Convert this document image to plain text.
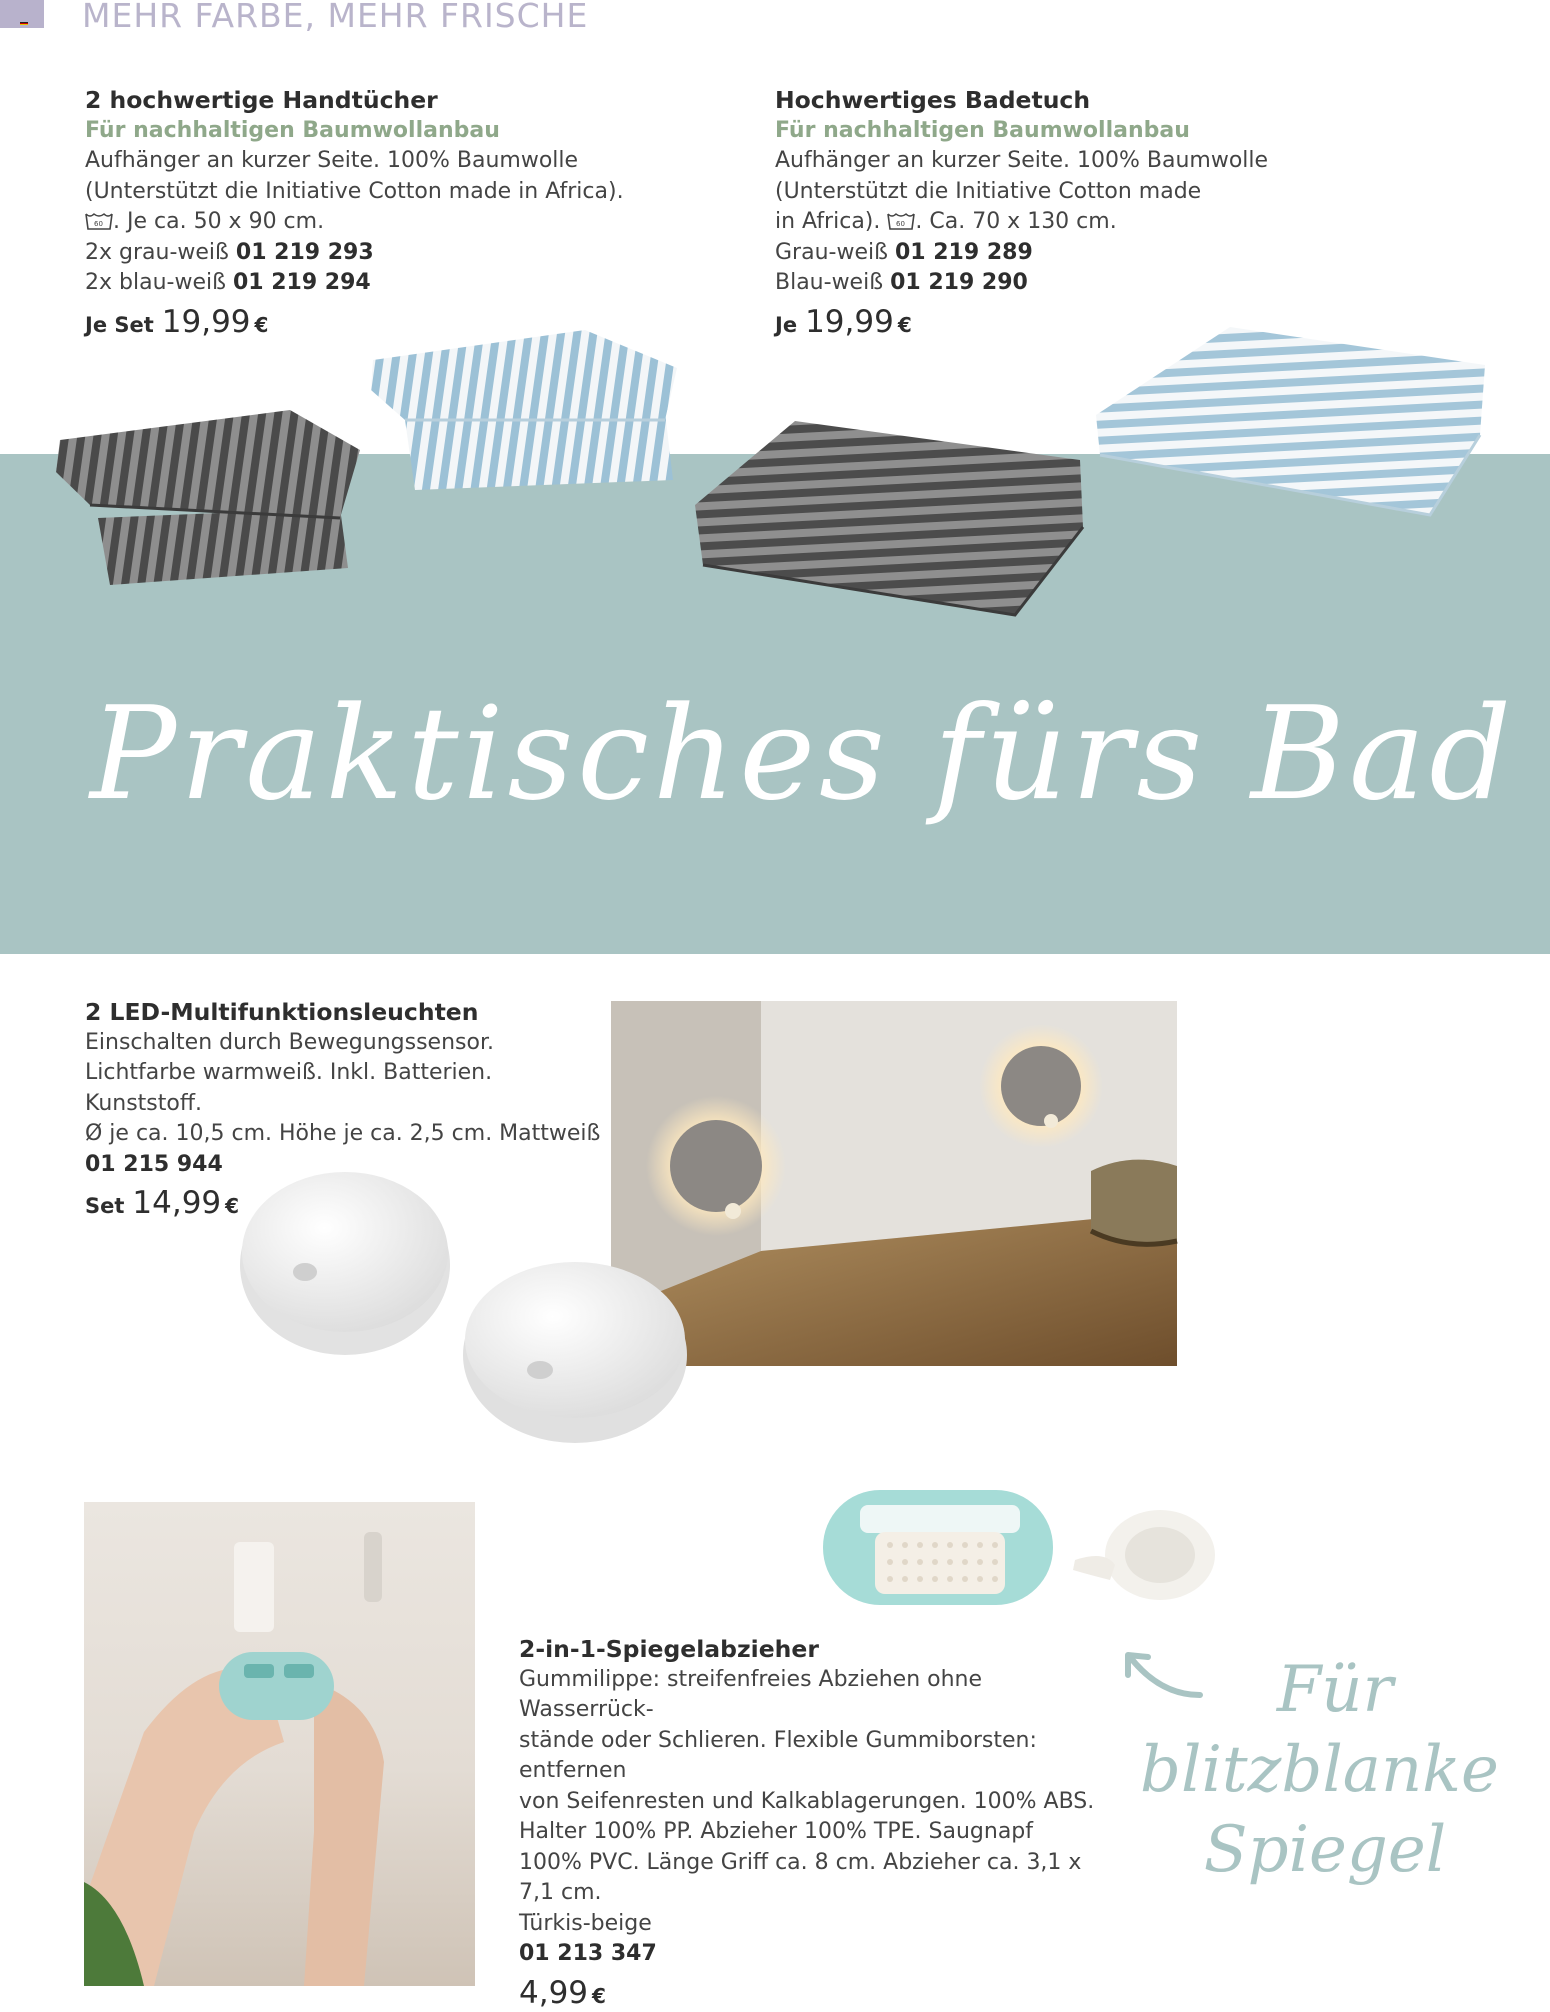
MEHR FARBE, MEHR FRISCHE
2 hochwertige Handtücher
Für nachhaltigen Baumwollanbau
Aufhänger an kurzer Seite. 100% Baumwolle
(Unterstützt die Initiative Cotton made in Africa).
60 . Je ca. 50 x 90 cm.
2x grau-weiß 01 219 293
2x blau-weiß 01 219 294
Je Set 19,99 €
Hochwertiges Badetuch
Für nachhaltigen Baumwollanbau
Aufhänger an kurzer Seite. 100% Baumwolle
(Unterstützt die Initiative Cotton made
in Africa). 60 . Ca. 70 x 130 cm.
Grau-weiß 01 219 289
Blau-weiß 01 219 290
Je 19,99 €
Praktisches fürs Bad
2 LED-Multifunktionsleuchten
Einschalten durch Bewegungssensor.
Lichtfarbe warmweiß. Inkl. Batterien. Kunststoff.
Ø je ca. 10,5 cm. Höhe je ca. 2,5 cm. Mattweiß
01 215 944
Set 14,99 €
2-in-1-Spiegelabzieher
Gummilippe: streifenfreies Abziehen ohne Wasserrück-
stände oder Schlieren. Flexible Gummiborsten: entfernen
von Seifenresten und Kalkablagerungen. 100% ABS.
Halter 100% PP. Abzieher 100% TPE. Saugnapf
100% PVC. Länge Griff ca. 8 cm. Abzieher ca. 3,1 x 7,1 cm.
Türkis-beige
01 213 347
4,99 €
Für
blitzblanke
Spiegel
